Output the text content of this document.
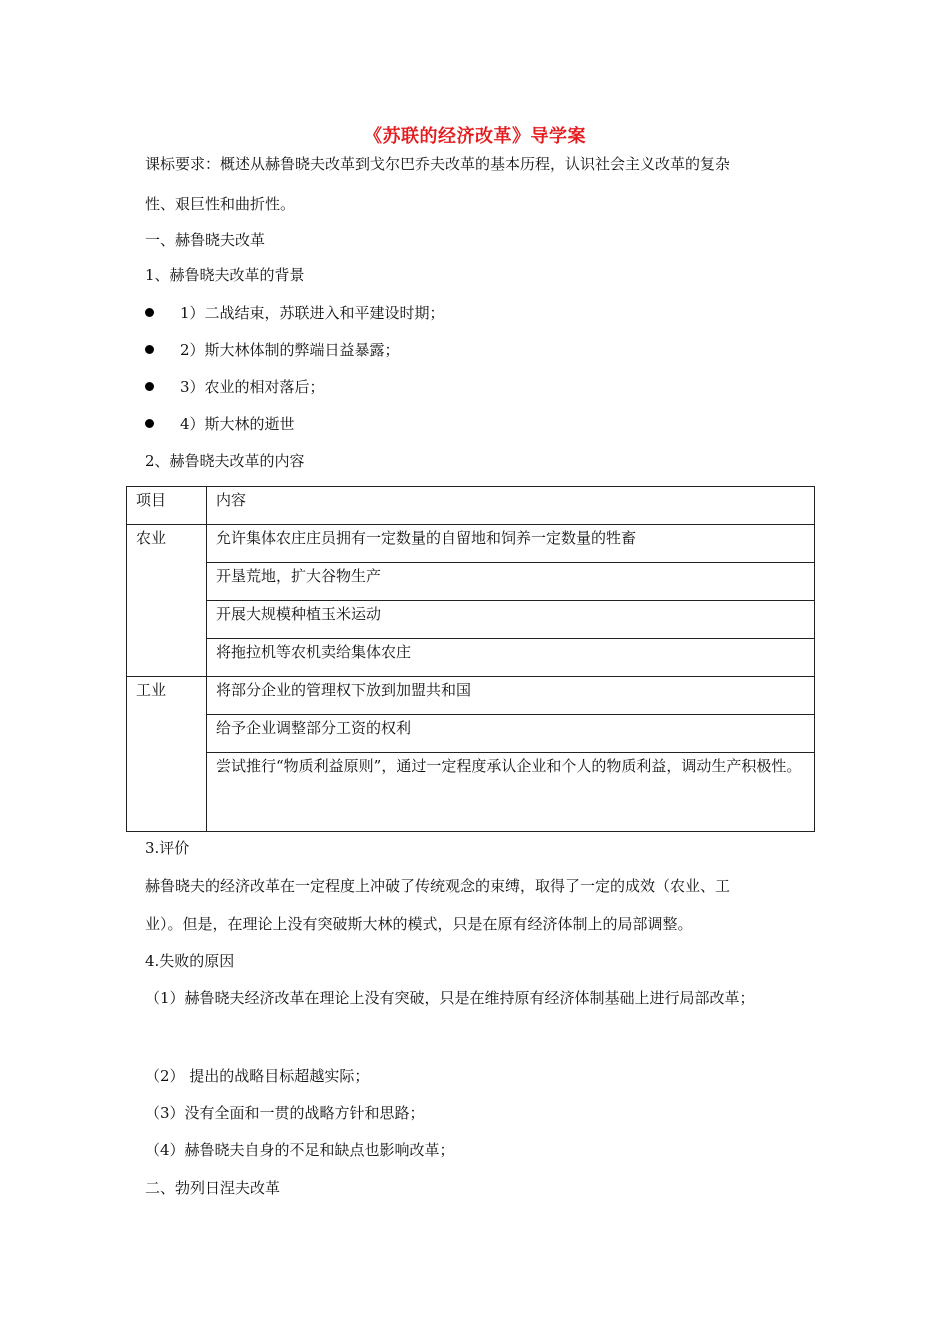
《苏联的经济改革》导学案
课标要求：概述从赫鲁晓夫改革到戈尔巴乔夫改革的基本历程，认识社会主义改革的复杂
性、艰巨性和曲折性。
一、赫鲁晓夫改革
1、赫鲁晓夫改革的背景
1）二战结束，苏联进入和平建设时期；
2）斯大林体制的弊端日益暴露；
3）农业的相对落后；
4）斯大林的逝世
2、赫鲁晓夫改革的内容
项目	内容
农业	允许集体农庄庄员拥有一定数量的自留地和饲养一定数量的牲畜
	开垦荒地，扩大谷物生产
	开展大规模种植玉米运动
	将拖拉机等农机卖给集体农庄
工业	将部分企业的管理权下放到加盟共和国
	给予企业调整部分工资的权利

	尝试推行“物质利益原则”，通过一定程度承认企业和个人的物质利益，调动生产积极性。
3.评价
赫鲁晓夫的经济改革在一定程度上冲破了传统观念的束缚，取得了一定的成效（农业、工
业）。但是，在理论上没有突破斯大林的模式，只是在原有经济体制上的局部调整。
4.失败的原因
（1）赫鲁晓夫经济改革在理论上没有突破，只是在维持原有经济体制基础上进行局部改革；
（2） 提出的战略目标超越实际；
（3）没有全面和一贯的战略方针和思路；
（4）赫鲁晓夫自身的不足和缺点也影响改革；
二、勃列日涅夫改革
